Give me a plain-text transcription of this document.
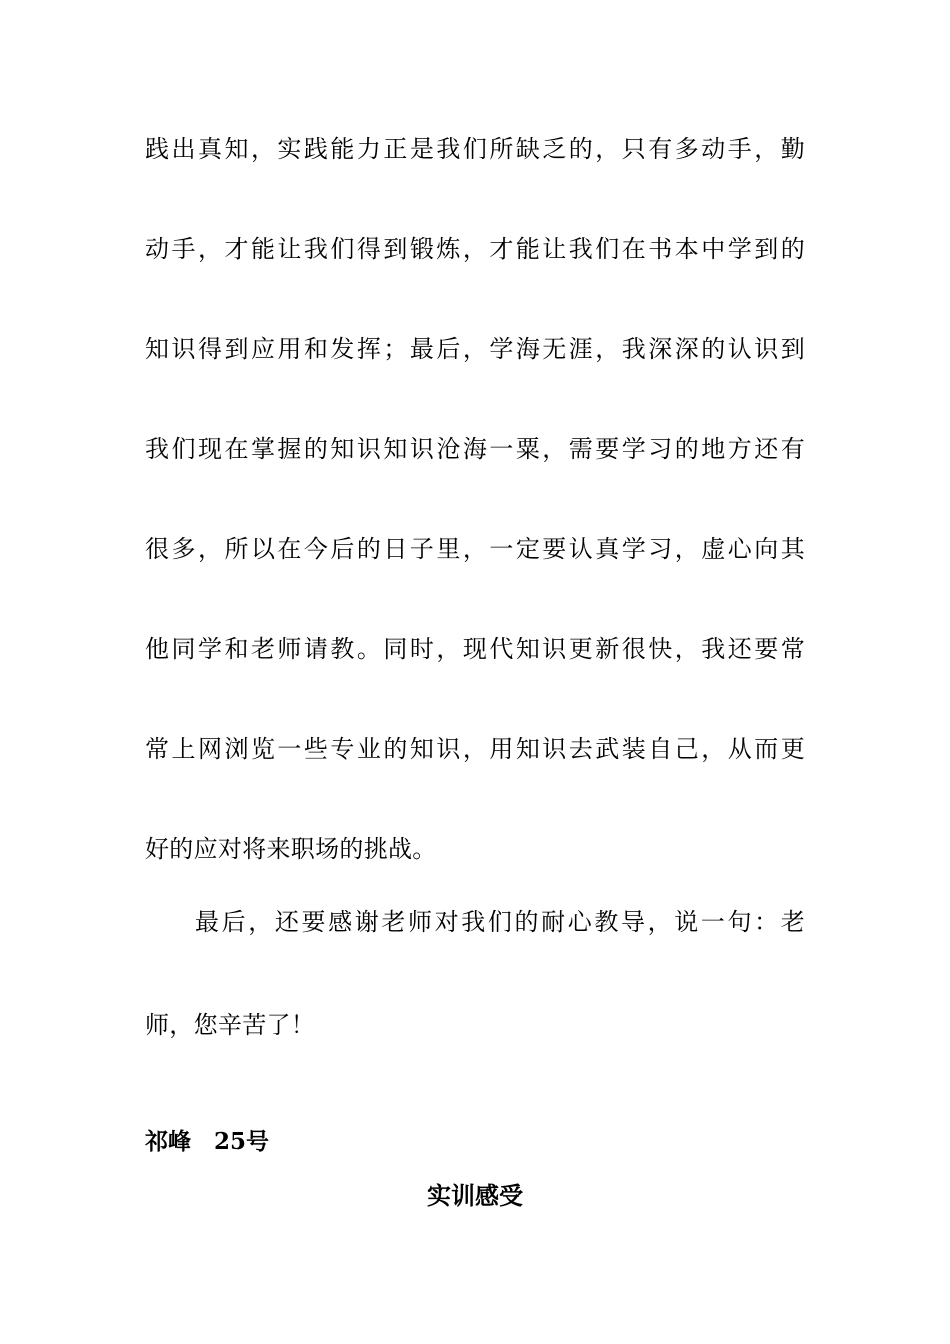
践出真知，实践能力正是我们所缺乏的，只有多动手，勤
动手，才能让我们得到锻炼，才能让我们在书本中学到的
知识得到应用和发挥；最后，学海无涯，我深深的认识到
我们现在掌握的知识知识沧海一粟，需要学习的地方还有
很多，所以在今后的日子里，一定要认真学习，虚心向其
他同学和老师请教。同时，现代知识更新很快，我还要常
常上网浏览一些专业的知识，用知识去武装自己，从而更
好的应对将来职场的挑战。
最后，还要感谢老师对我们的耐心教导，说一句：老
师，您辛苦了！
祁峰　25号
实训感受
